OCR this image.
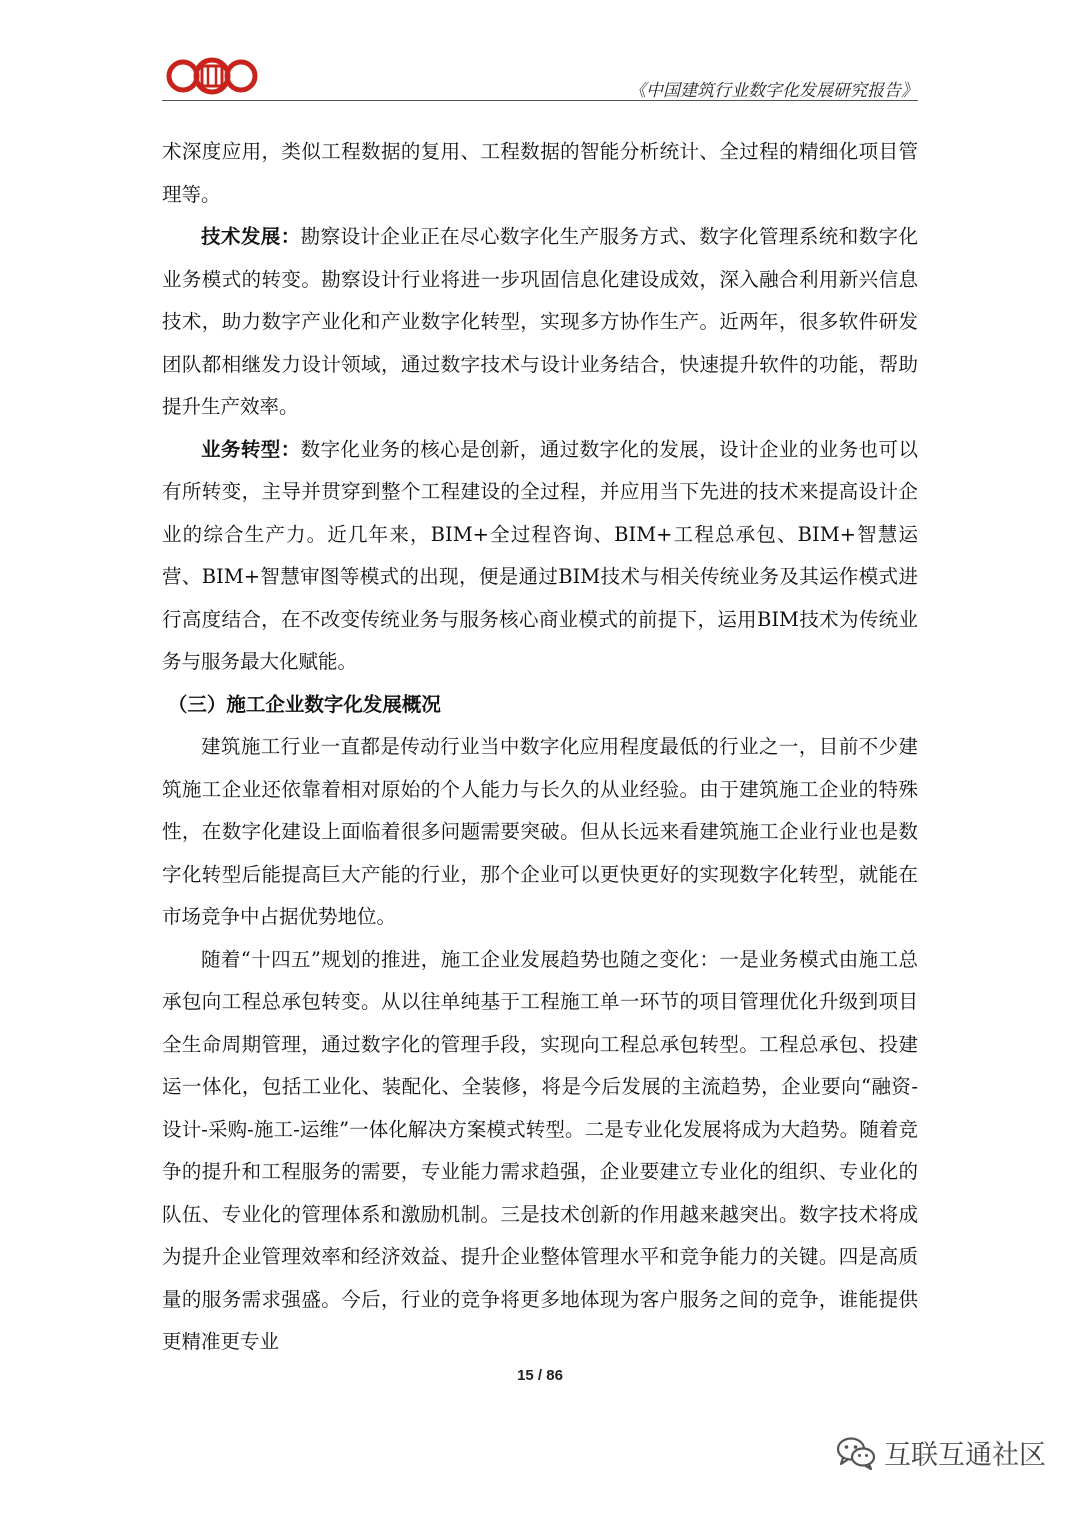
《中国建筑行业数字化发展研究报告》

术深度应用，类似工程数据的复用、工程数据的智能分析统计、全过程的精细化项目管理等。

技术发展：勘察设计企业正在尽心数字化生产服务方式、数字化管理系统和数字化业务模式的转变。勘察设计行业将进一步巩固信息化建设成效，深入融合利用新兴信息技术，助力数字产业化和产业数字化转型，实现多方协作生产。近两年，很多软件研发团队都相继发力设计领域，通过数字技术与设计业务结合，快速提升软件的功能，帮助提升生产效率。

业务转型：数字化业务的核心是创新，通过数字化的发展，设计企业的业务也可以有所转变，主导并贯穿到整个工程建设的全过程，并应用当下先进的技术来提高设计企业的综合生产力。近几年来，BIM+全过程咨询、BIM+工程总承包、BIM+智慧运营、BIM+智慧审图等模式的出现，便是通过BIM技术与相关传统业务及其运作模式进行高度结合，在不改变传统业务与服务核心商业模式的前提下，运用BIM技术为传统业务与服务最大化赋能。

（三）施工企业数字化发展概况

建筑施工行业一直都是传动行业当中数字化应用程度最低的行业之一，目前不少建筑施工企业还依靠着相对原始的个人能力与长久的从业经验。由于建筑施工企业的特殊性，在数字化建设上面临着很多问题需要突破。但从长远来看建筑施工企业行业也是数字化转型后能提高巨大产能的行业，那个企业可以更快更好的实现数字化转型，就能在市场竞争中占据优势地位。

随着“十四五”规划的推进，施工企业发展趋势也随之变化：一是业务模式由施工总承包向工程总承包转变。从以往单纯基于工程施工单一环节的项目管理优化升级到项目全生命周期管理，通过数字化的管理手段，实现向工程总承包转型。工程总承包、投建运一体化，包括工业化、装配化、全装修，将是今后发展的主流趋势，企业要向“融资-设计-采购-施工-运维”一体化解决方案模式转型。二是专业化发展将成为大趋势。随着竞争的提升和工程服务的需要，专业能力需求趋强，企业要建立专业化的组织、专业化的队伍、专业化的管理体系和激励机制。三是技术创新的作用越来越突出。数字技术将成为提升企业管理效率和经济效益、提升企业整体管理水平和竞争能力的关键。四是高质量的服务需求强盛。今后，行业的竞争将更多地体现为客户服务之间的竞争，谁能提供更精准更专业

15 / 86
互联互通社区
